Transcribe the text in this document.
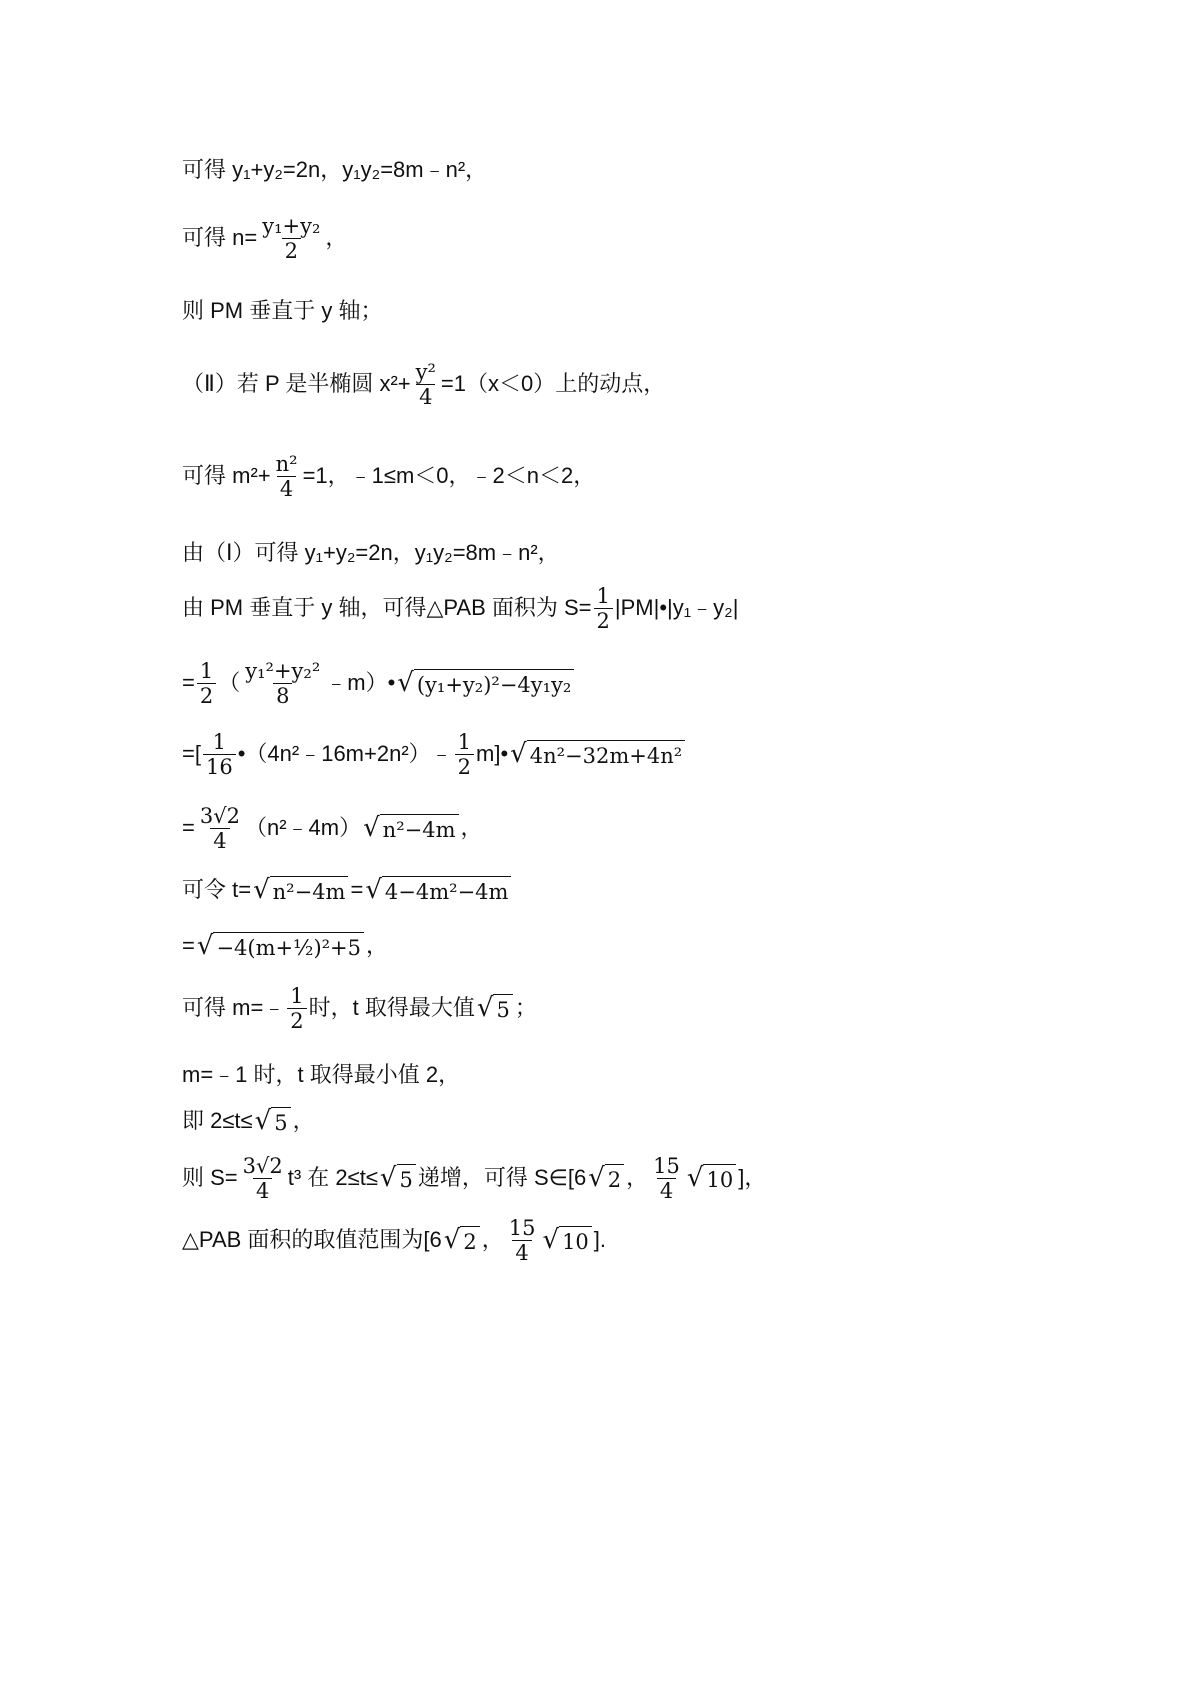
可得 y₁+y₂=2n，y₁y₂=8m﹣n²，
可得 $n= \frac{\text{y₁+y₂}}{2}$ ，
则 PM 垂直于 y 轴；
（Ⅱ）若 P 是半椭圆 $x^2+ \frac{\text{y²}}{4} =1(x<0)$上的动点，
可得 $m^2+ \frac{\text{n²}}{4} =1$，﹣1≤m＜0，﹣2＜n＜2，
由（Ⅰ）可得 y₁+y₂=2n，y₁y₂=8m﹣n²，
由 PM 垂直于 y 轴，可得△PAB 面积为 $S= \frac{1}{2}$ |PM|•|y₁﹣y₂|
= $\frac{1}{2}$ （ $\frac{\text{y₁²+y₂²}}{8}$ ﹣m）• √ (y₁+y₂)²−4y₁y₂
=[ $\frac{1}{16}$ •（4n²﹣16m+2n²）﹣ $\frac{1}{2}$ m]• √ 4n²−32m+4n²
= $\frac{3√2}{4}$ （n²﹣4m） √ n²−4m ，
可令 t= √ n²−4m = √ 4−4m²−4m
= √ −4(m+½)²+5 ，
可得 m=﹣ $\frac{1}{2}$ 时，t 取得最大值 √ 5 ；
m=﹣1 时，t 取得最小值 2，
即 2≤t≤ √ 5 ，
则 $S= \frac{3√2}{4} t^3$ 在 2≤t≤ √ 5 递增，可得 S∈[6 √ 2 ， $\frac{15}{4}$ √ 10 ]，
△PAB 面积的取值范围为[6 √ 2 ， $\frac{15}{4}$ √ 10 ].
